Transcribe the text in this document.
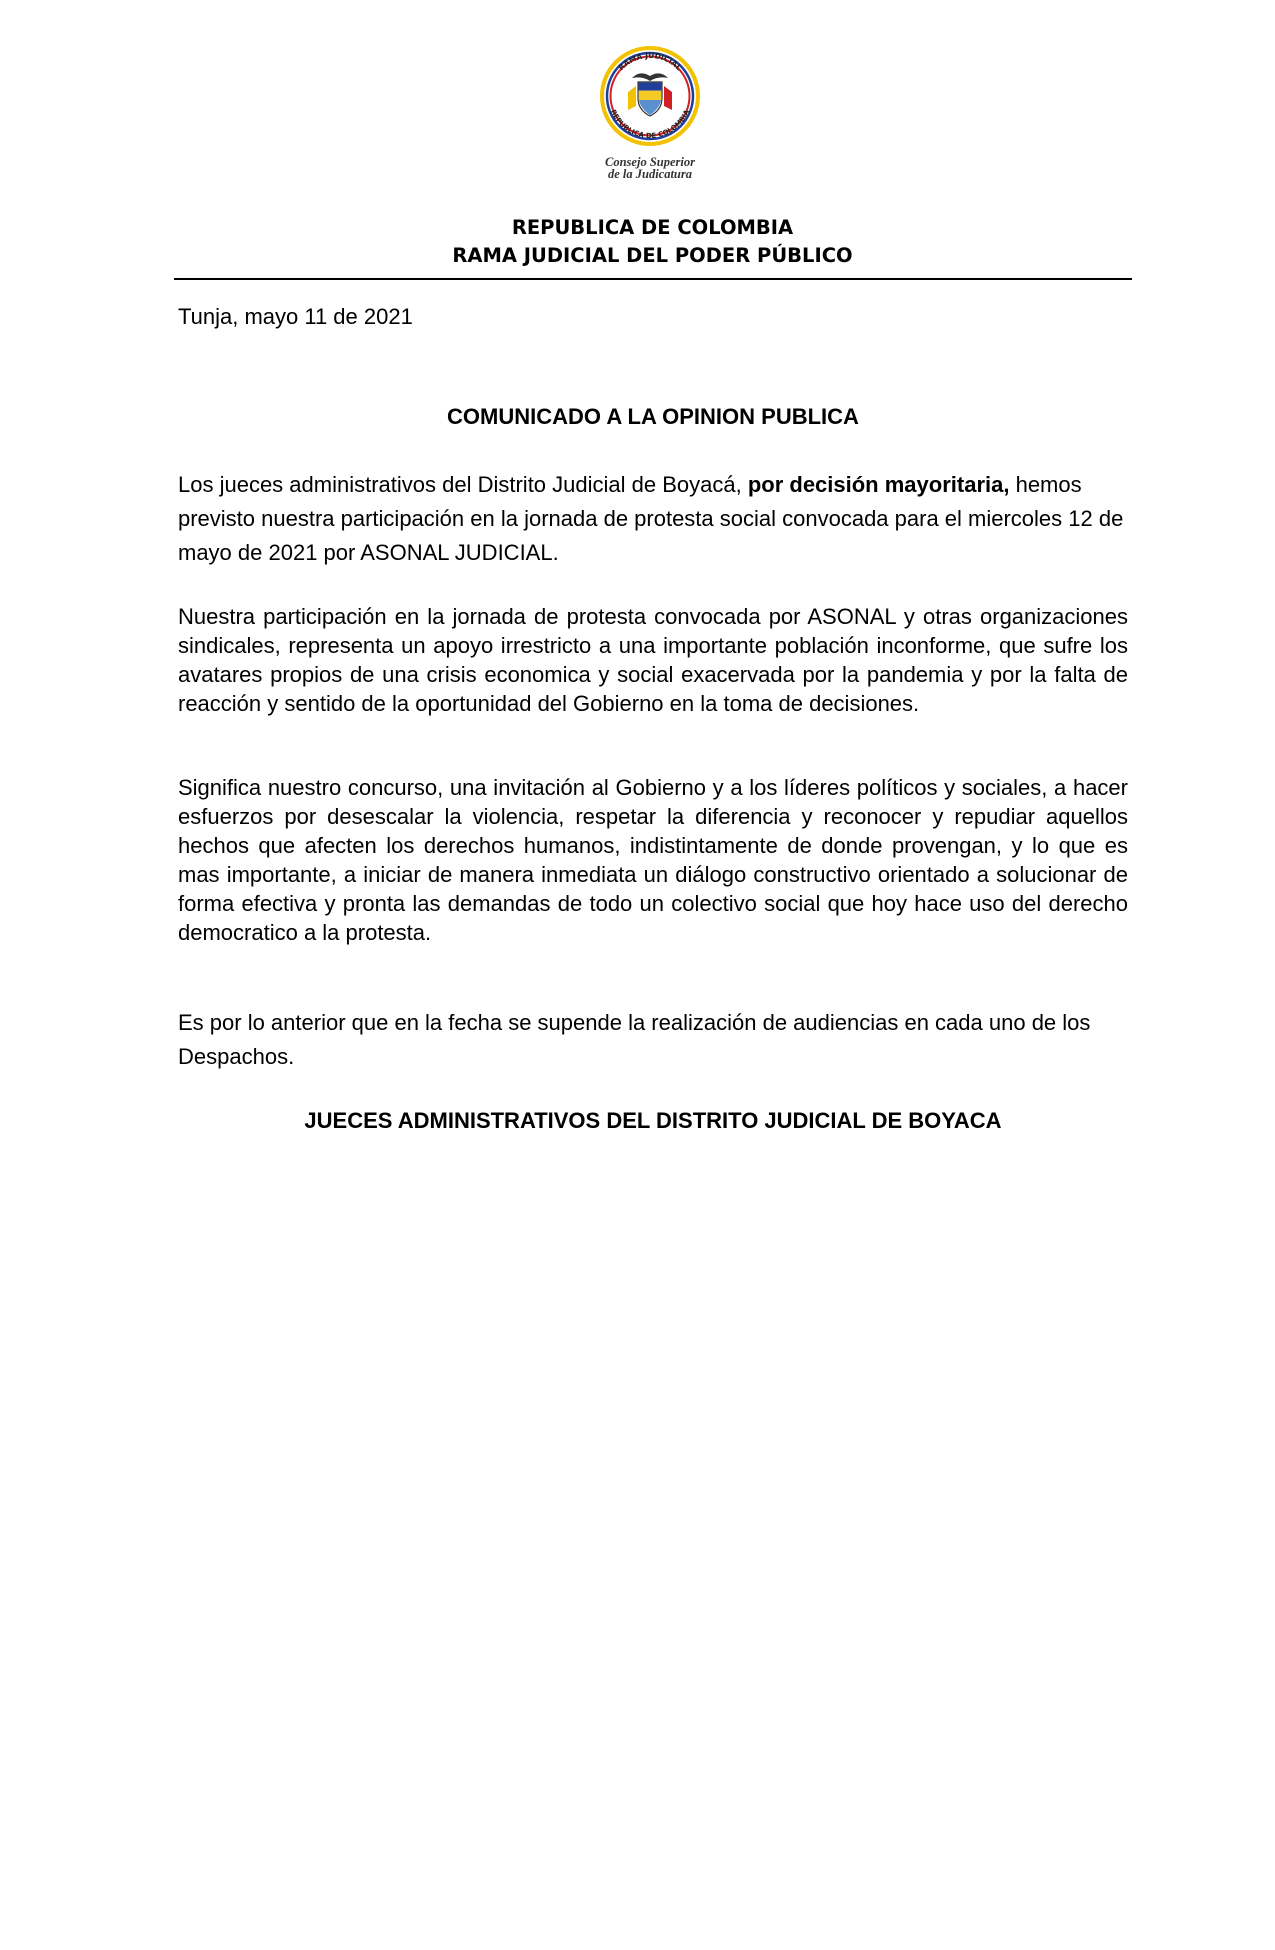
RAMA JUDICIAL
REPUBLICA DE COLOMBIA
Consejo Superior
de la Judicatura
REPUBLICA DE COLOMBIA
RAMA JUDICIAL DEL PODER PÚBLICO
Tunja, mayo 11 de 2021
COMUNICADO A LA OPINION PUBLICA

Los jueces administrativos del Distrito Judicial de Boyacá, por decisión mayoritaria, hemos previsto nuestra participación en la jornada de protesta social convocada para el miercoles 12 de mayo de 2021 por ASONAL JUDICIAL.

Nuestra participación en la jornada de protesta convocada por ASONAL y otras organizaciones sindicales, representa un apoyo irrestricto a una importante población inconforme, que sufre los avatares propios de una crisis economica y social exacervada por la pandemia y por la falta de reacción y sentido de la oportunidad del Gobierno en la toma de decisiones.

Significa nuestro concurso, una invitación al Gobierno y a los líderes políticos y sociales, a hacer esfuerzos por desescalar la violencia, respetar la diferencia y reconocer y repudiar aquellos hechos que afecten los derechos humanos, indistintamente de donde provengan, y lo que es mas importante, a iniciar de manera inmediata un diálogo constructivo orientado a solucionar de forma efectiva y pronta las demandas de todo un colectivo social que hoy hace uso del derecho democratico a la protesta.

Es por lo anterior que en la fecha se supende la realización de audiencias en cada uno de los Despachos.

JUECES ADMINISTRATIVOS DEL DISTRITO JUDICIAL DE BOYACA
